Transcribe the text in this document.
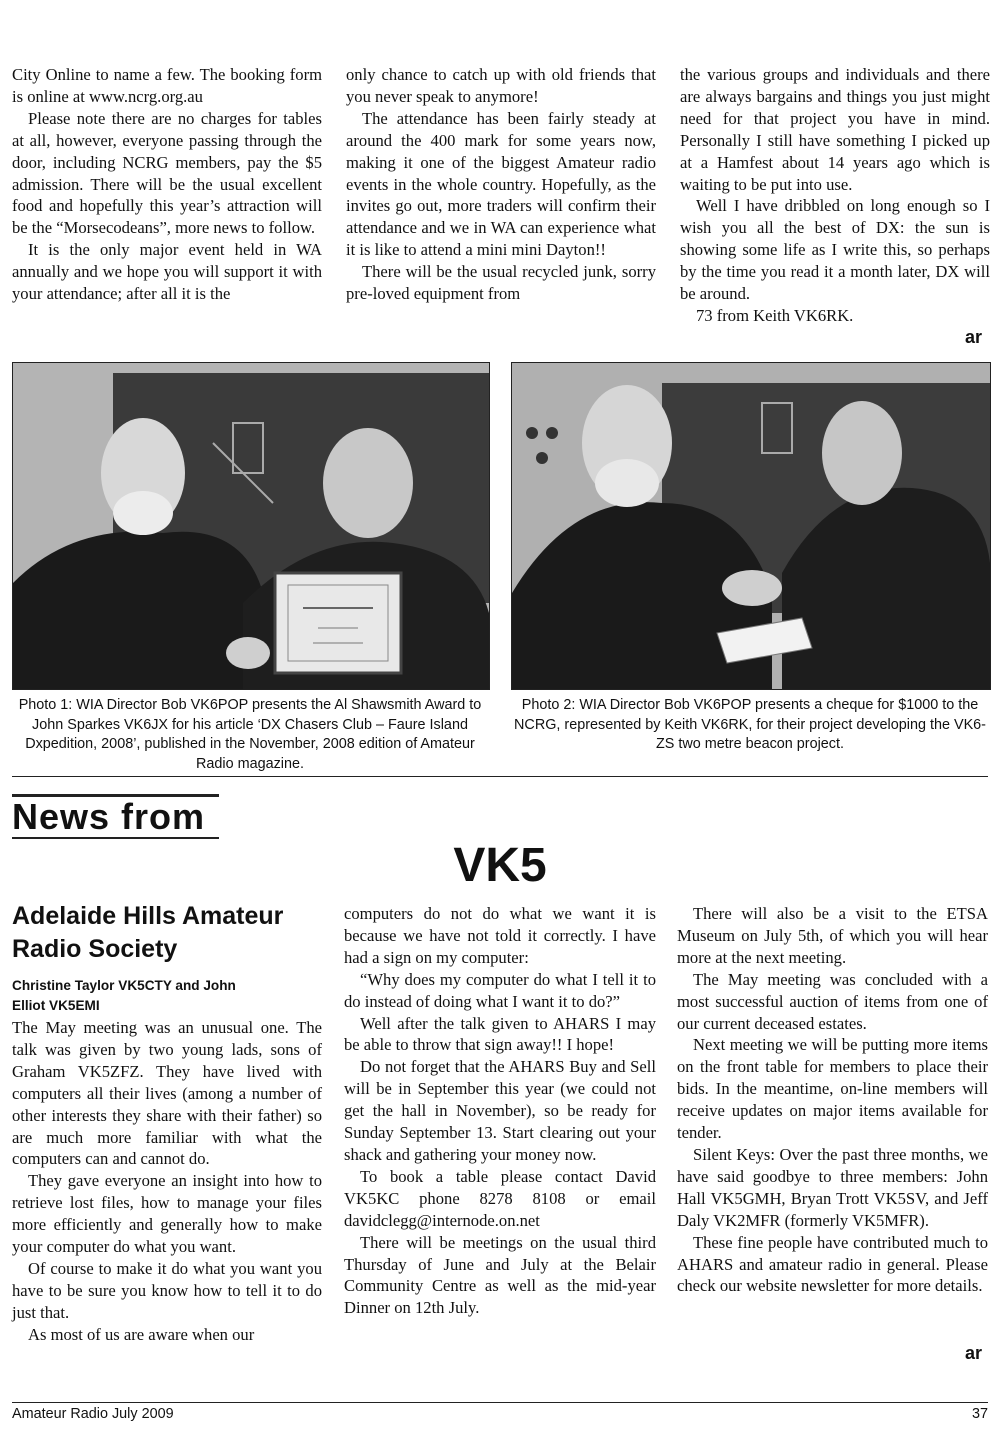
City Online to name a few. The booking form is online at www.ncrg.org.au

Please note there are no charges for tables at all, however, everyone passing through the door, including NCRG members, pay the $5 admission. There will be the usual excellent food and hopefully this year’s attraction will be the “Morsecodeans”, more news to follow.

It is the only major event held in WA annually and we hope you will support it with your attendance; after all it is the

only chance to catch up with old friends that you never speak to anymore!

The attendance has been fairly steady at around the 400 mark for some years now, making it one of the biggest Amateur radio events in the whole country. Hopefully, as the invites go out, more traders will confirm their attendance and we in WA can experience what it is like to attend a mini mini Dayton!!

There will be the usual recycled junk, sorry pre-loved equipment from

the various groups and individuals and there are always bargains and things you just might need for that project you have in mind. Personally I still have something I picked up at a Hamfest about 14 years ago which is waiting to be put into use.

Well I have dribbled on long enough so I wish you all the best of DX: the sun is showing some life as I write this, so perhaps by the time you read it a month later, DX will be around.

73 from Keith VK6RK.

ar
Photo 1: WIA Director Bob VK6POP presents the Al Shawsmith Award to John Sparkes VK6JX for his article ‘DX Chasers Club – Faure Island Dxpedition, 2008’, published in the November, 2008 edition of Amateur Radio magazine.
Photo 2: WIA Director Bob VK6POP presents a cheque for $1000 to the NCRG, represented by Keith VK6RK, for their project developing the VK6-ZS two metre beacon project.
News from
VK5
Adelaide Hills Amateur Radio Society
Christine Taylor VK5CTY and John Elliot VK5EMI

The May meeting was an unusual one. The talk was given by two young lads, sons of Graham VK5ZFZ. They have lived with computers all their lives (among a number of other interests they share with their father) so are much more familiar with what the computers can and cannot do.

They gave everyone an insight into how to retrieve lost files, how to manage your files more efficiently and generally how to make your computer do what you want.

Of course to make it do what you want you have to be sure you know how to tell it to do just that.

As most of us are aware when our

computers do not do what we want it is because we have not told it correctly. I have had a sign on my computer:

“Why does my computer do what I tell it to do instead of doing what I want it to do?”

Well after the talk given to AHARS I may be able to throw that sign away!! I hope!

Do not forget that the AHARS Buy and Sell will be in September this year (we could not get the hall in November), so be ready for Sunday September 13. Start clearing out your shack and gathering your money now.

To book a table please contact David VK5KC phone 8278 8108 or email davidclegg@internode.on.net

There will be meetings on the usual third Thursday of June and July at the Belair Community Centre as well as the mid-year Dinner on 12th July.

There will also be a visit to the ETSA Museum on July 5th, of which you will hear more at the next meeting.

The May meeting was concluded with a most successful auction of items from one of our current deceased estates.

Next meeting we will be putting more items on the front table for members to place their bids. In the meantime, on-line members will receive updates on major items available for tender.

Silent Keys: Over the past three months, we have said goodbye to three members: John Hall VK5GMH, Bryan Trott VK5SV, and Jeff Daly VK2MFR (formerly VK5MFR).

These fine people have contributed much to AHARS and amateur radio in general. Please check our website newsletter for more details.

ar
Amateur Radio July 2009	37
